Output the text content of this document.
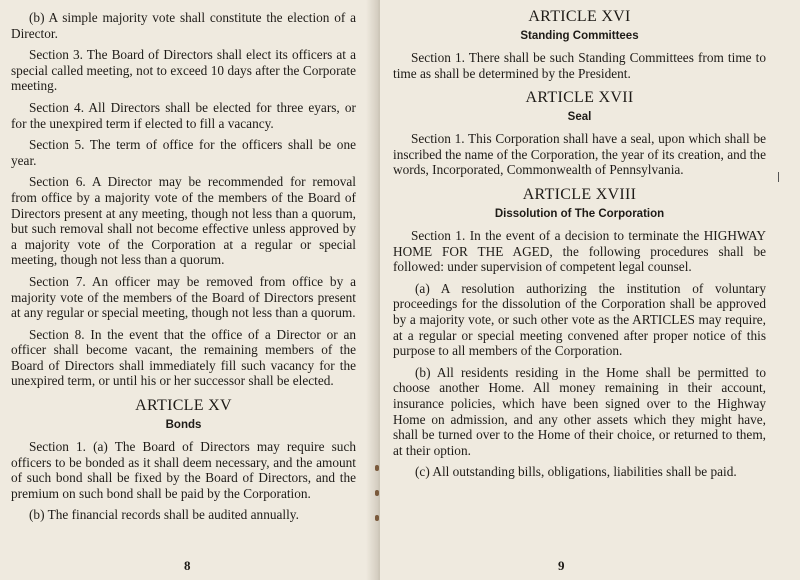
(b) A simple majority vote shall constitute the election of a Director.

Section 3. The Board of Directors shall elect its officers at a special called meeting, not to exceed 10 days after the Corporate meeting.

Section 4. All Directors shall be elected for three eyars, or for the unexpired term if elected to fill a vacancy.

Section 5. The term of office for the officers shall be one year.

Section 6. A Director may be recommended for removal from office by a majority vote of the members of the Board of Directors present at any meeting, though not less than a quorum, but such removal shall not become effective unless approved by a majority vote of the Corporation at a regular or special meeting, though not less than a quorum.

Section 7. An officer may be removed from office by a majority vote of the members of the Board of Directors present at any regular or special meeting, though not less than a quorum.

Section 8. In the event that the office of a Director or an officer shall become vacant, the remaining members of the Board of Directors shall immediately fill such vacancy for the unexpired term, or until his or her successor shall be elected.

ARTICLE XV
Bonds

Section 1. (a) The Board of Directors may require such officers to be bonded as it shall deem necessary, and the amount of such bond shall be fixed by the Board of Directors, and the premium on such bond shall be paid by the Corporation.

(b) The financial records shall be audited annually.

8
ARTICLE XVI
Standing Committees

Section 1. There shall be such Standing Committees from time to time as shall be determined by the President.

ARTICLE XVII
Seal

Section 1. This Corporation shall have a seal, upon which shall be inscribed the name of the Corporation, the year of its creation, and the words, Incorporated, Commonwealth of Pennsylvania.

ARTICLE XVIII
Dissolution of The Corporation

Section 1. In the event of a decision to terminate the HIGHWAY HOME FOR THE AGED, the following procedures shall be followed: under supervision of competent legal counsel.

(a) A resolution authorizing the institution of voluntary proceedings for the dissolution of the Corporation shall be approved by a majority vote, or such other vote as the ARTICLES may require, at a regular or special meeting convened after proper notice of this purpose to all members of the Corporation.

(b) All residents residing in the Home shall be permitted to choose another Home. All money remaining in their account, insurance policies, which have been signed over to the Highway Home on admission, and any other assets which they might have, shall be turned over to the Home of their choice, or returned to them, at their option.

(c) All outstanding bills, obligations, liabilities shall be paid.

9
